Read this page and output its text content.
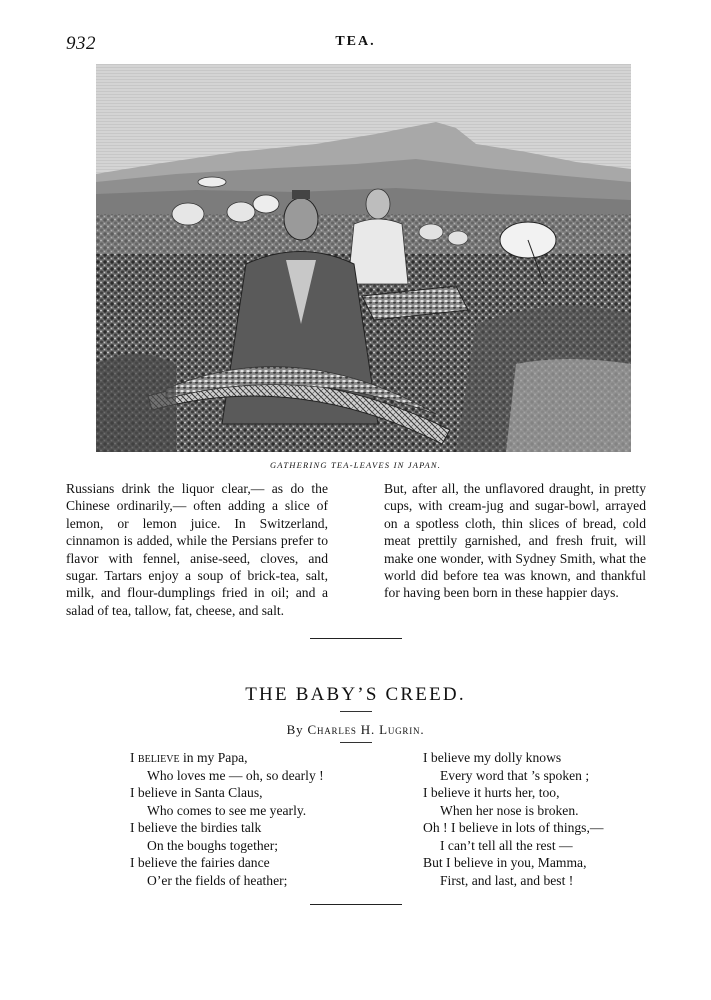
932	TEA.
GATHERING TEA-LEAVES IN JAPAN.

Russians drink the liquor clear,— as do the Chinese ordinarily,— often adding a slice of lemon, or lemon juice. In Switzerland, cinnamon is added, while the Persians prefer to flavor with fennel, anise-seed, cloves, and sugar. Tartars enjoy a soup of brick-tea, salt, milk, and flour-dumplings fried in oil; and a salad of tea, tallow, fat, cheese, and salt.

But, after all, the unflavored draught, in pretty cups, with cream-jug and sugar-bowl, arrayed on a spotless cloth, thin slices of bread, cold meat prettily garnished, and fresh fruit, will make one wonder, with Sydney Smith, what the world did before tea was known, and thankful for having been born in these happier days.

THE BABY’S CREED.
By Charles H. Lugrin.
I believe in my Papa,
Who loves me — oh, so dearly !
I believe in Santa Claus,
Who comes to see me yearly.
I believe the birdies talk
On the boughs together;
I believe the fairies dance
O’er the fields of heather;
I believe my dolly knows
Every word that ’s spoken ;
I believe it hurts her, too,
When her nose is broken.
Oh ! I believe in lots of things,—
I can’t tell all the rest —
But I believe in you, Mamma,
First, and last, and best !
